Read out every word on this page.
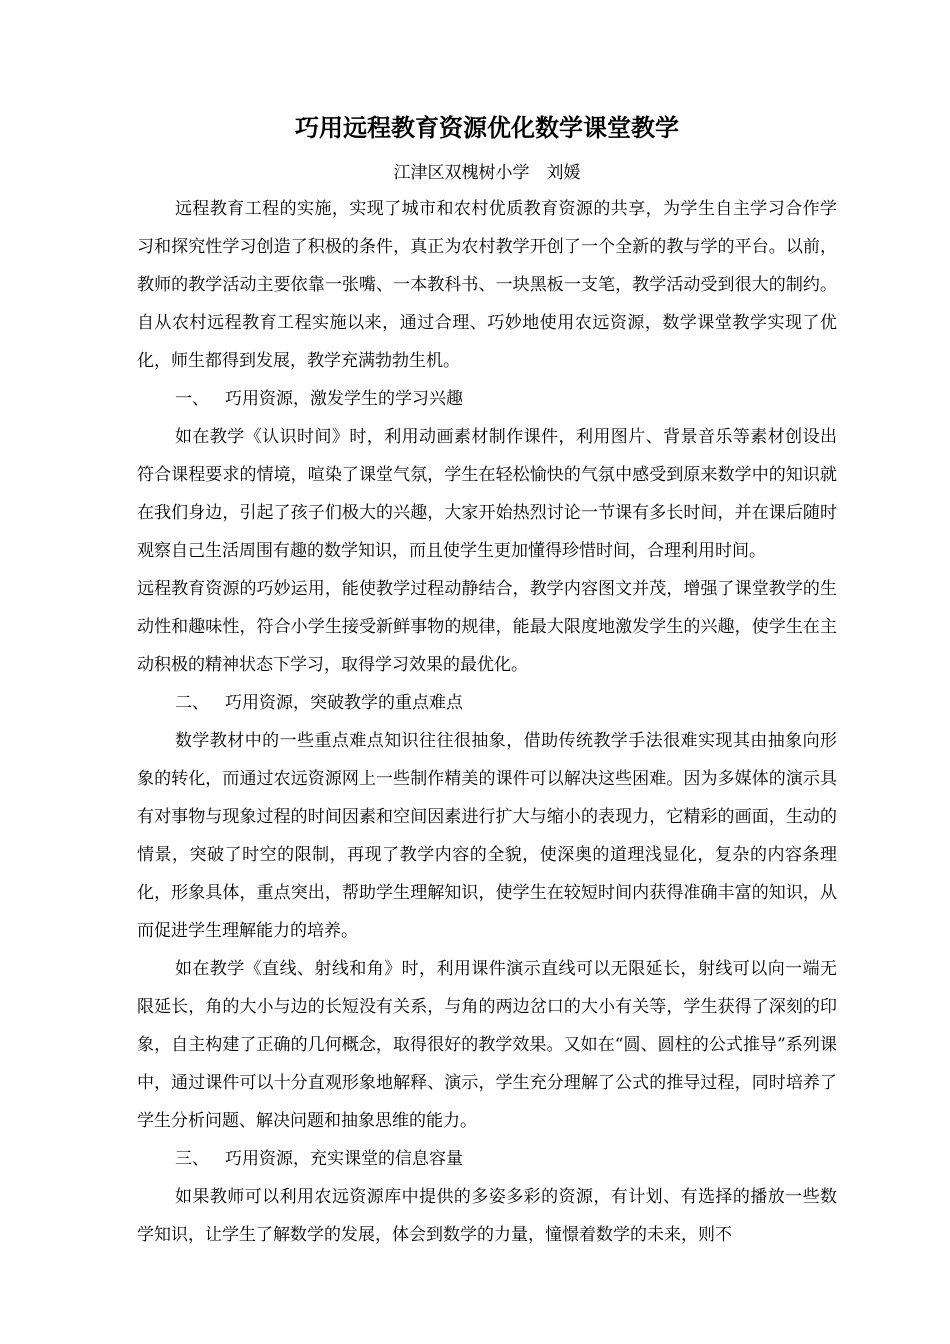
巧用远程教育资源优化数学课堂教学

江津区双槐树小学　刘媛

远程教育工程的实施，实现了城市和农村优质教育资源的共享，为学生自主学习合作学习和探究性学习创造了积极的条件，真正为农村教学开创了一个全新的教与学的平台。以前，教师的教学活动主要依靠一张嘴、一本教科书、一块黑板一支笔，教学活动受到很大的制约。自从农村远程教育工程实施以来，通过合理、巧妙地使用农远资源，数学课堂教学实现了优化，师生都得到发展，教学充满勃勃生机。

一、 巧用资源，激发学生的学习兴趣

如在教学《认识时间》时，利用动画素材制作课件，利用图片、背景音乐等素材创设出符合课程要求的情境，喧染了课堂气氛，学生在轻松愉快的气氛中感受到原来数学中的知识就在我们身边，引起了孩子们极大的兴趣，大家开始热烈讨论一节课有多长时间，并在课后随时观察自己生活周围有趣的数学知识，而且使学生更加懂得珍惜时间，合理利用时间。

远程教育资源的巧妙运用，能使教学过程动静结合，教学内容图文并茂，增强了课堂教学的生动性和趣味性，符合小学生接受新鲜事物的规律，能最大限度地激发学生的兴趣，使学生在主动积极的精神状态下学习，取得学习效果的最优化。

二、 巧用资源，突破教学的重点难点

数学教材中的一些重点难点知识往往很抽象，借助传统教学手法很难实现其由抽象向形象的转化，而通过农远资源网上一些制作精美的课件可以解决这些困难。因为多媒体的演示具有对事物与现象过程的时间因素和空间因素进行扩大与缩小的表现力，它精彩的画面，生动的情景，突破了时空的限制，再现了教学内容的全貌，使深奥的道理浅显化，复杂的内容条理化，形象具体，重点突出，帮助学生理解知识，使学生在较短时间内获得准确丰富的知识，从而促进学生理解能力的培养。

如在教学《直线、射线和角》时，利用课件演示直线可以无限延长，射线可以向一端无限延长，角的大小与边的长短没有关系，与角的两边岔口的大小有关等，学生获得了深刻的印象，自主构建了正确的几何概念，取得很好的教学效果。又如在“圆、圆柱的公式推导”系列课中，通过课件可以十分直观形象地解释、演示，学生充分理解了公式的推导过程，同时培养了学生分析问题、解决问题和抽象思维的能力。

三、 巧用资源，充实课堂的信息容量

如果教师可以利用农远资源库中提供的多姿多彩的资源，有计划、有选择的播放一些数学知识，让学生了解数学的发展，体会到数学的力量，憧憬着数学的未来，则不
